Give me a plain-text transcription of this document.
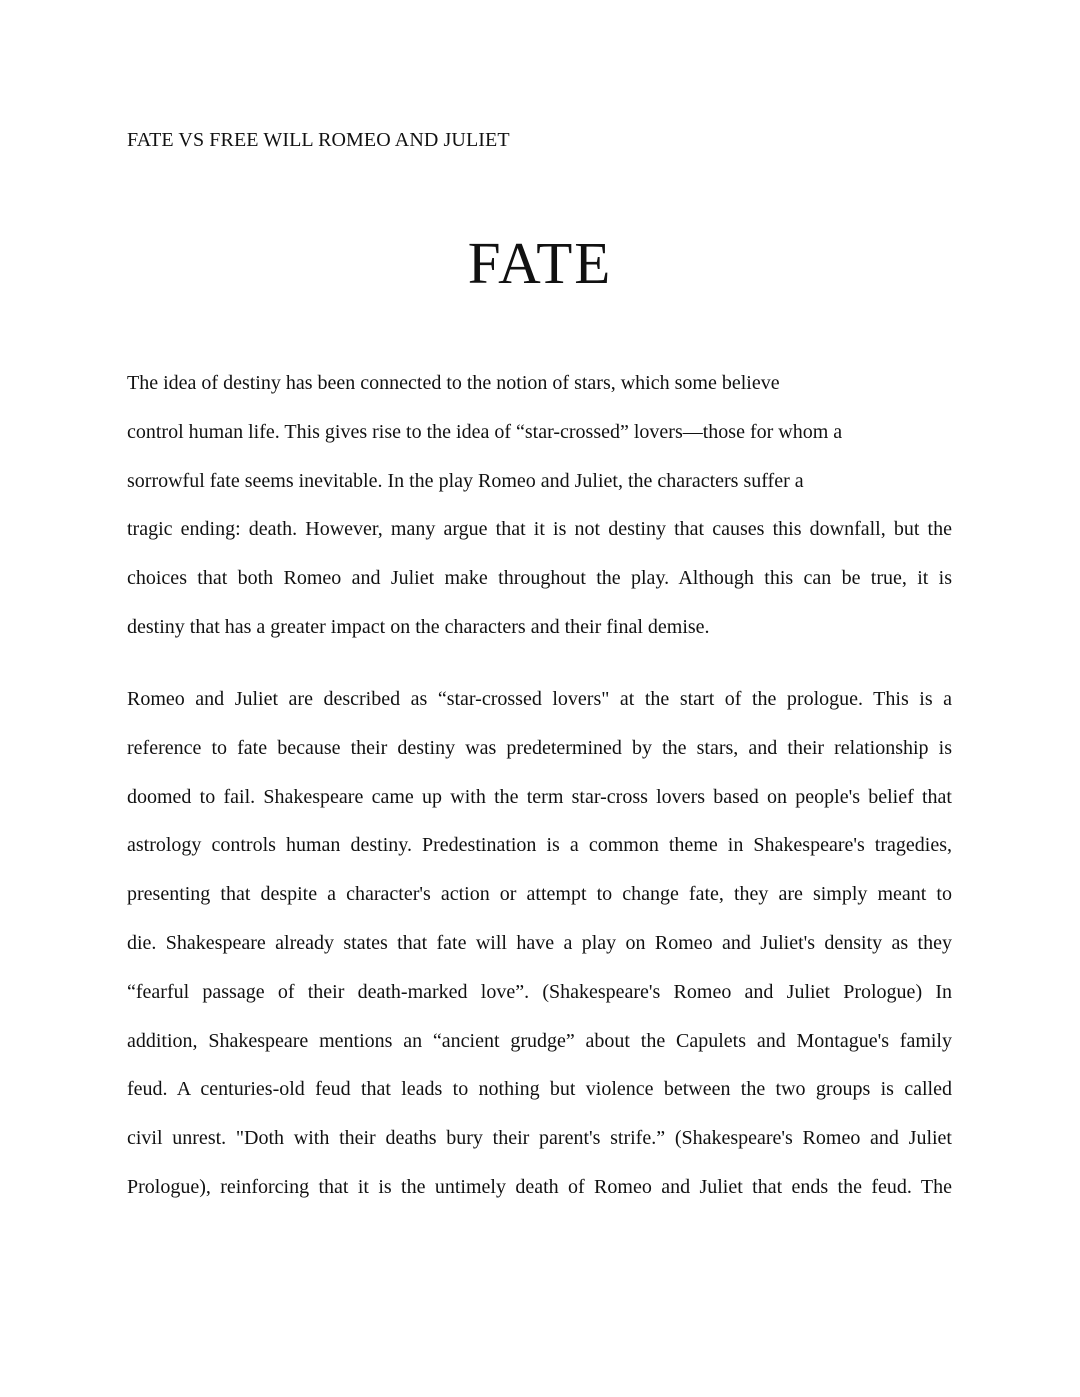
FATE VS FREE WILL ROMEO AND JULIET
FATE
The idea of destiny has been connected to the notion of stars, which some believe
control human life. This gives rise to the idea of “star-crossed” lovers—those for whom a
sorrowful fate seems inevitable. In the play Romeo and Juliet, the characters suffer a
tragic ending: death. However, many argue that it is not destiny that causes this downfall, but the
choices that both Romeo and Juliet make throughout the play. Although this can be true, it is
destiny that has a greater impact on the characters and their final demise.
Romeo and Juliet are described as “star-crossed lovers" at the start of the prologue. This is a
reference to fate because their destiny was predetermined by the stars, and their relationship is
doomed to fail. Shakespeare came up with the term star-cross lovers based on people's belief that
astrology controls human destiny. Predestination is a common theme in Shakespeare's tragedies,
presenting that despite a character's action or attempt to change fate, they are simply meant to
die. Shakespeare already states that fate will have a play on Romeo and Juliet's density as they
“fearful passage of their death-marked love”. (Shakespeare's Romeo and Juliet Prologue) In
addition, Shakespeare mentions an “ancient grudge” about the Capulets and Montague's family
feud. A centuries-old feud that leads to nothing but violence between the two groups is called
civil unrest. "Doth with their deaths bury their parent's strife.” (Shakespeare's Romeo and Juliet
Prologue), reinforcing that it is the untimely death of Romeo and Juliet that ends the feud. The
